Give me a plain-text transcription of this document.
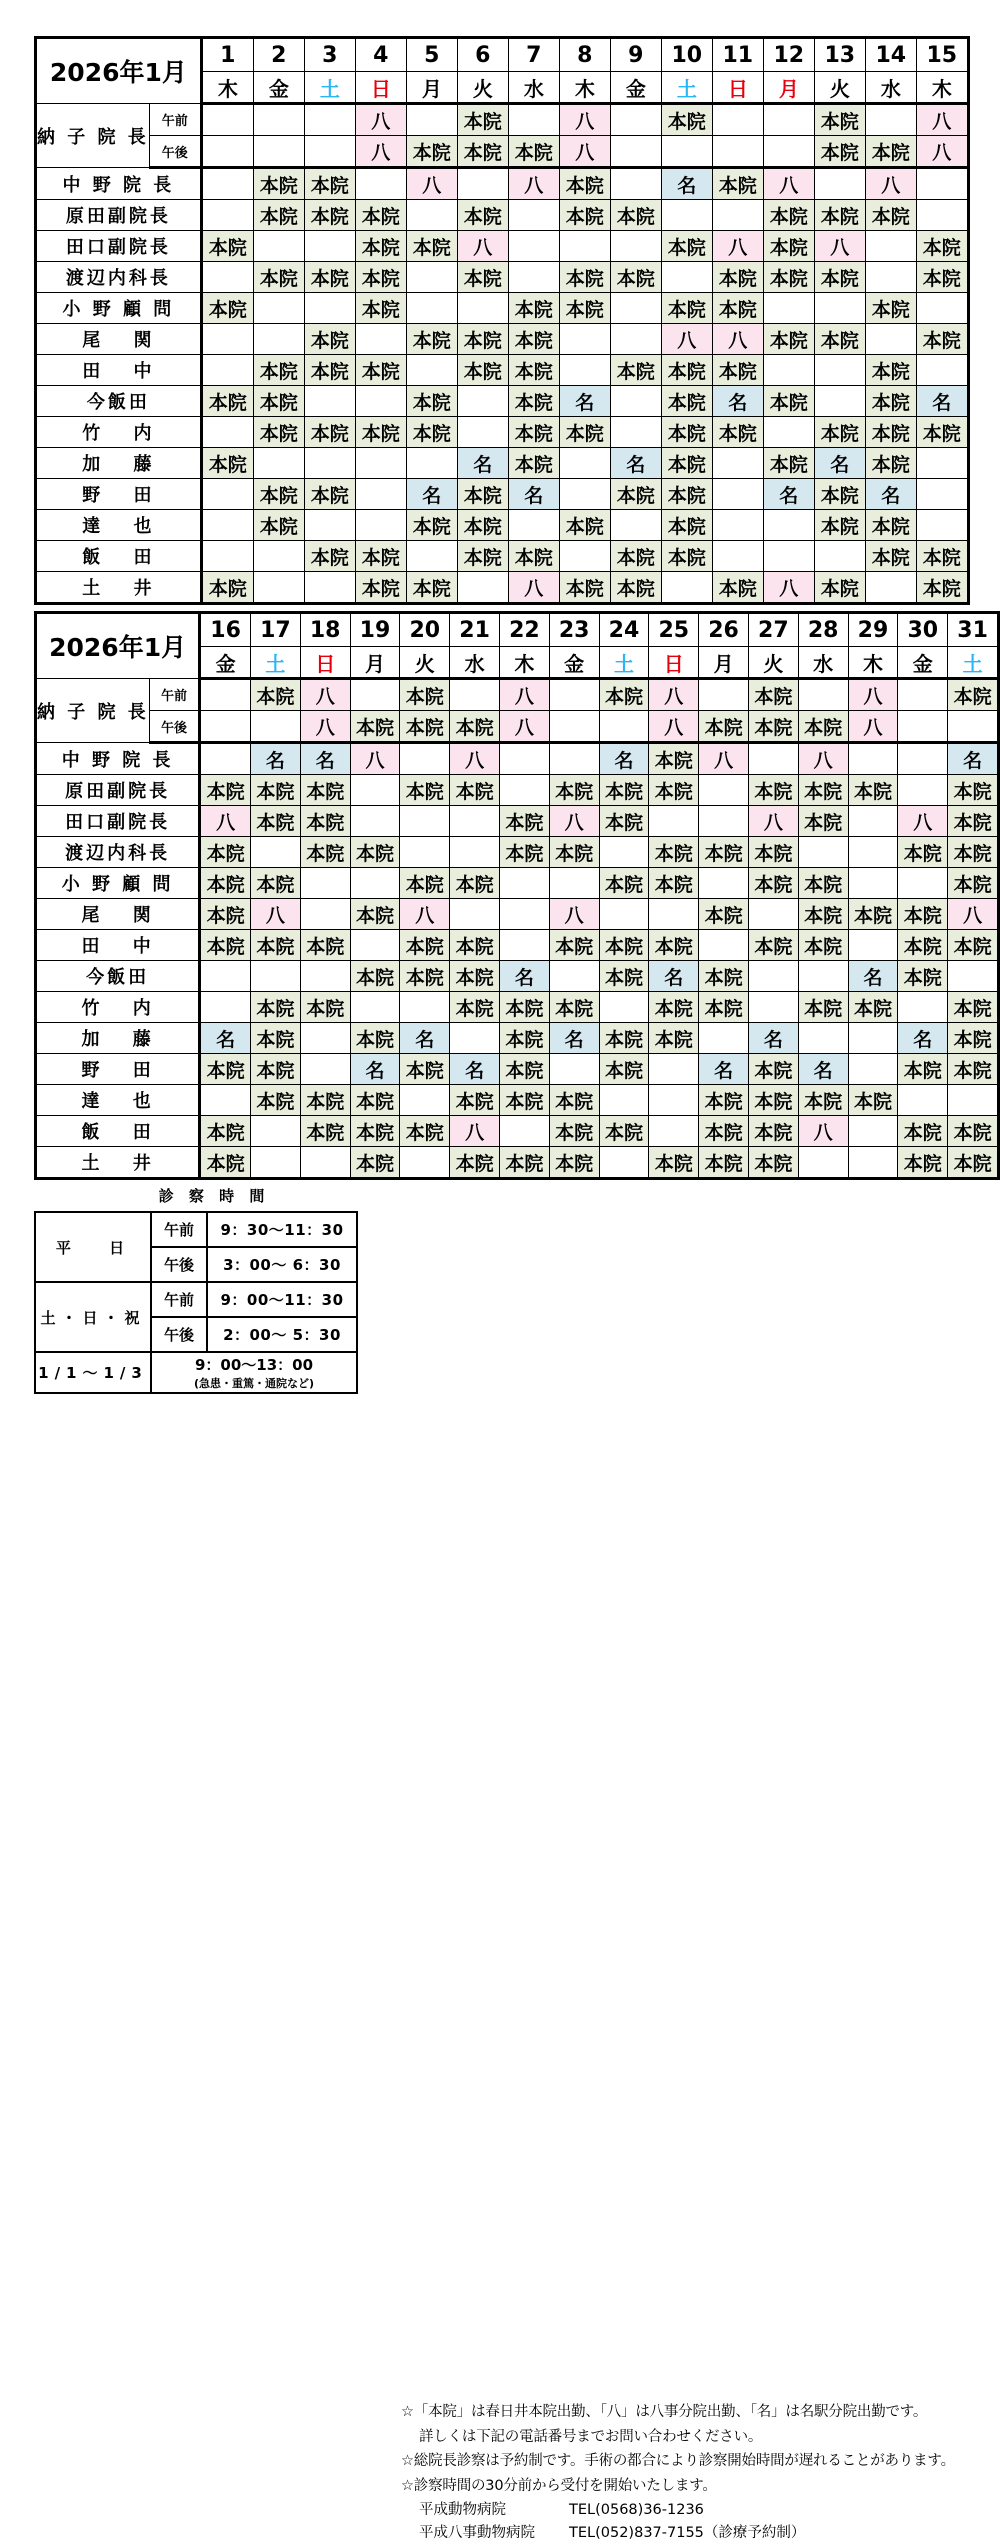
2026年1月		1	2	3	4	5	6	7	8	9	10	11	12	13	14	15
		木	金	土	日	月	火	水	木	金	土	日	月	火	水	木
納 子 院 長	午前				八		本院		八		本院			本院		八
	午後				八	本院	本院	本院	八					本院	本院	八
中 野 院 長			本院	本院		八		八	本院		名	本院	八		八	
原田副院長			本院	本院	本院		本院		本院	本院			本院	本院	本院	
田口副院長		本院			本院	本院	八				本院	八	本院	八		本院
渡辺内科長			本院	本院	本院		本院		本院	本院		本院	本院	本院		本院
小 野 顧 問		本院			本院			本院	本院		本院	本院			本院	
尾　 関				本院		本院	本院	本院			八	八	本院	本院		本院
田　 中			本院	本院	本院		本院	本院		本院	本院	本院			本院	
今飯田		本院	本院			本院		本院	名		本院	名	本院		本院	名
竹　 内			本院	本院	本院	本院		本院	本院		本院	本院		本院	本院	本院
加　 藤		本院					名	本院		名	本院		本院	名	本院	
野　 田			本院	本院		名	本院	名		本院	本院		名	本院	名	
達　 也			本院			本院	本院		本院		本院			本院	本院	
飯　 田				本院	本院		本院	本院		本院	本院				本院	本院
土　 井		本院			本院	本院		八	本院	本院		本院	八	本院		本院
2026年1月		16	17	18	19	20	21	22	23	24	25	26	27	28	29	30	31
		金	土	日	月	火	水	木	金	土	日	月	火	水	木	金	土
納 子 院 長	午前		本院	八		本院		八		本院	八		本院		八		本院
	午後			八	本院	本院	本院	八			八	本院	本院	本院	八		
中 野 院 長			名	名	八		八			名	本院	八		八			名
原田副院長		本院	本院	本院		本院	本院		本院	本院	本院		本院	本院	本院		本院
田口副院長		八	本院	本院				本院	八	本院			八	本院		八	本院
渡辺内科長		本院		本院	本院			本院	本院		本院	本院	本院			本院	本院
小 野 顧 問		本院	本院			本院	本院			本院	本院		本院	本院			本院
尾　 関		本院	八		本院	八			八			本院		本院	本院	本院	八
田　 中		本院	本院	本院		本院	本院		本院	本院	本院		本院	本院		本院	本院
今飯田					本院	本院	本院	名		本院	名	本院			名	本院	
竹　 内			本院	本院			本院	本院	本院		本院	本院		本院	本院		本院
加　 藤		名	本院		本院	名		本院	名	本院	本院		名			名	本院
野　 田		本院	本院		名	本院	名	本院		本院		名	本院	名		本院	本院
達　 也			本院	本院	本院		本院	本院	本院			本院	本院	本院	本院		
飯　 田		本院		本院	本院	本院	八		本院	本院		本院	本院	八		本院	本院
土　 井		本院			本院		本院	本院	本院		本院	本院	本院			本院	本院
診 察 時 間
平　 日	午前	9：30〜11：30
	午後	3：00〜 6：30
土・日・祝	午前	9：00〜11：30
	午後	2：00〜 5：30
1/1〜1/3	9：00〜13：00
(急患・重篤・通院など)	
☆「本院」は春日井本院出勤、「八」は八事分院出勤、「名」は名駅分院出勤です。
詳しくは下記の電話番号までお問い合わせください。
☆総院長診察は予約制です。手術の都合により診察開始時間が遅れることがあります。
☆診察時間の30分前から受付を開始いたします。
平成動物病院	TEL(0568)36-1236
平成八事動物病院 TEL(052)837-7155（診療予約制）
